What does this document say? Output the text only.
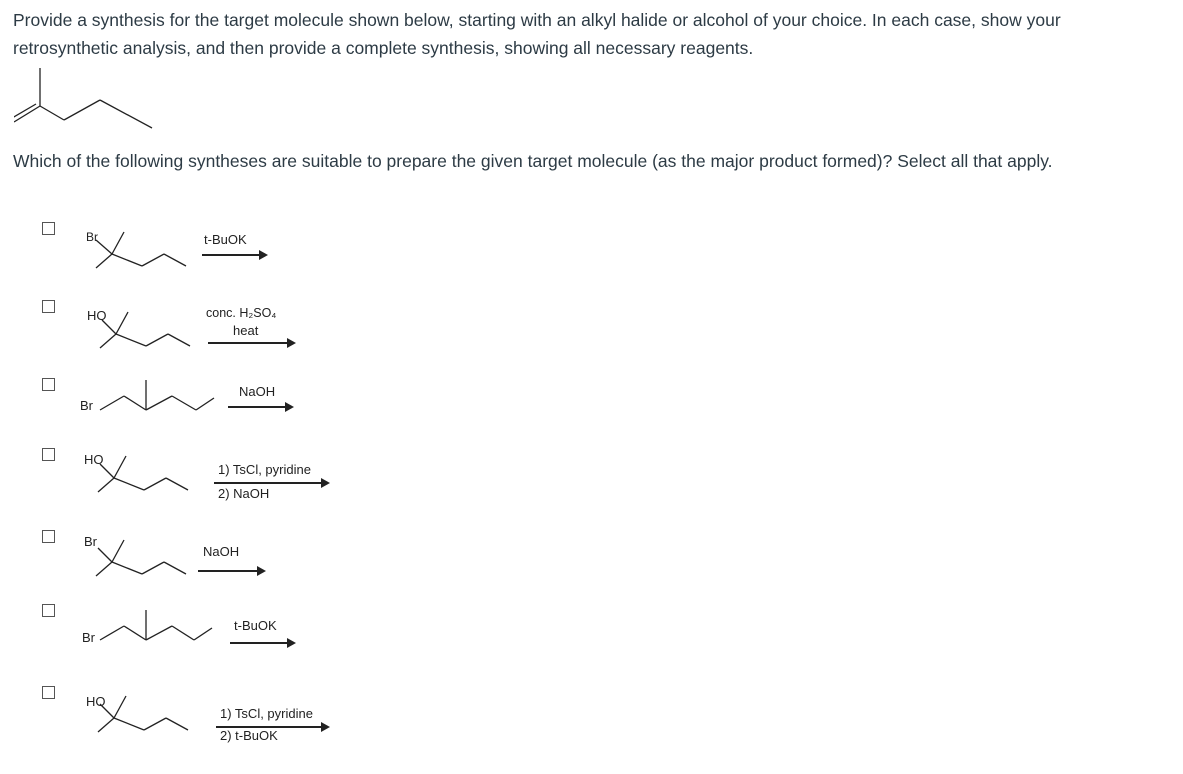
Provide a synthesis for the target molecule shown below, starting with an alkyl halide or alcohol of your choice. In each case, show your retrosynthetic analysis, and then provide a complete synthesis, showing all necessary reagents.
Which of the following syntheses are suitable to prepare the given target molecule (as the major product formed)? Select all that apply.
Br	t-BuOK
HO	conc. H₂SO₄
heat
Br
NaOH
HO
1) TsCl, pyridine
2) NaOH
Br
NaOH
Br
t-BuOK
HO
1) TsCl, pyridine
2) t-BuOK
